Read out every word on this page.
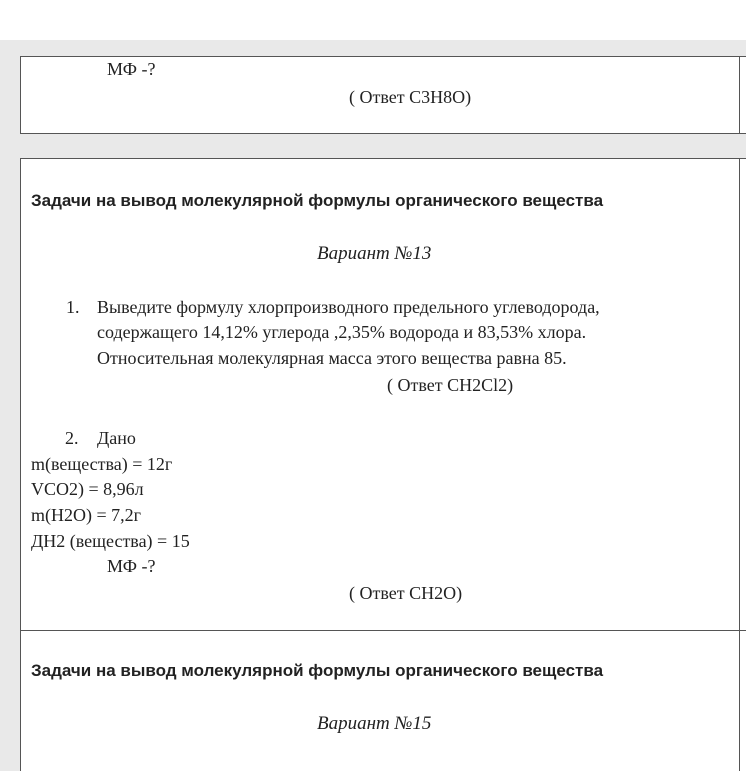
МФ -?
( Ответ С3Н8О)
Задачи на вывод молекулярной формулы органического вещества
Вариант №13
1. Выведите формулу хлорпроизводного предельного углеводорода,
содержащего 14,12% углерода ,2,35% водорода и 83,53% хлора.
Относительная молекулярная масса этого вещества равна 85.
( Ответ CH2Cl2)
2. Дано
m(вещества) = 12г
VCO2) = 8,96л
m(H2O) = 7,2г
ДН2 (вещества) = 15
МФ -?
( Ответ CH2O)
Задачи на вывод молекулярной формулы органического вещества
Вариант №15
